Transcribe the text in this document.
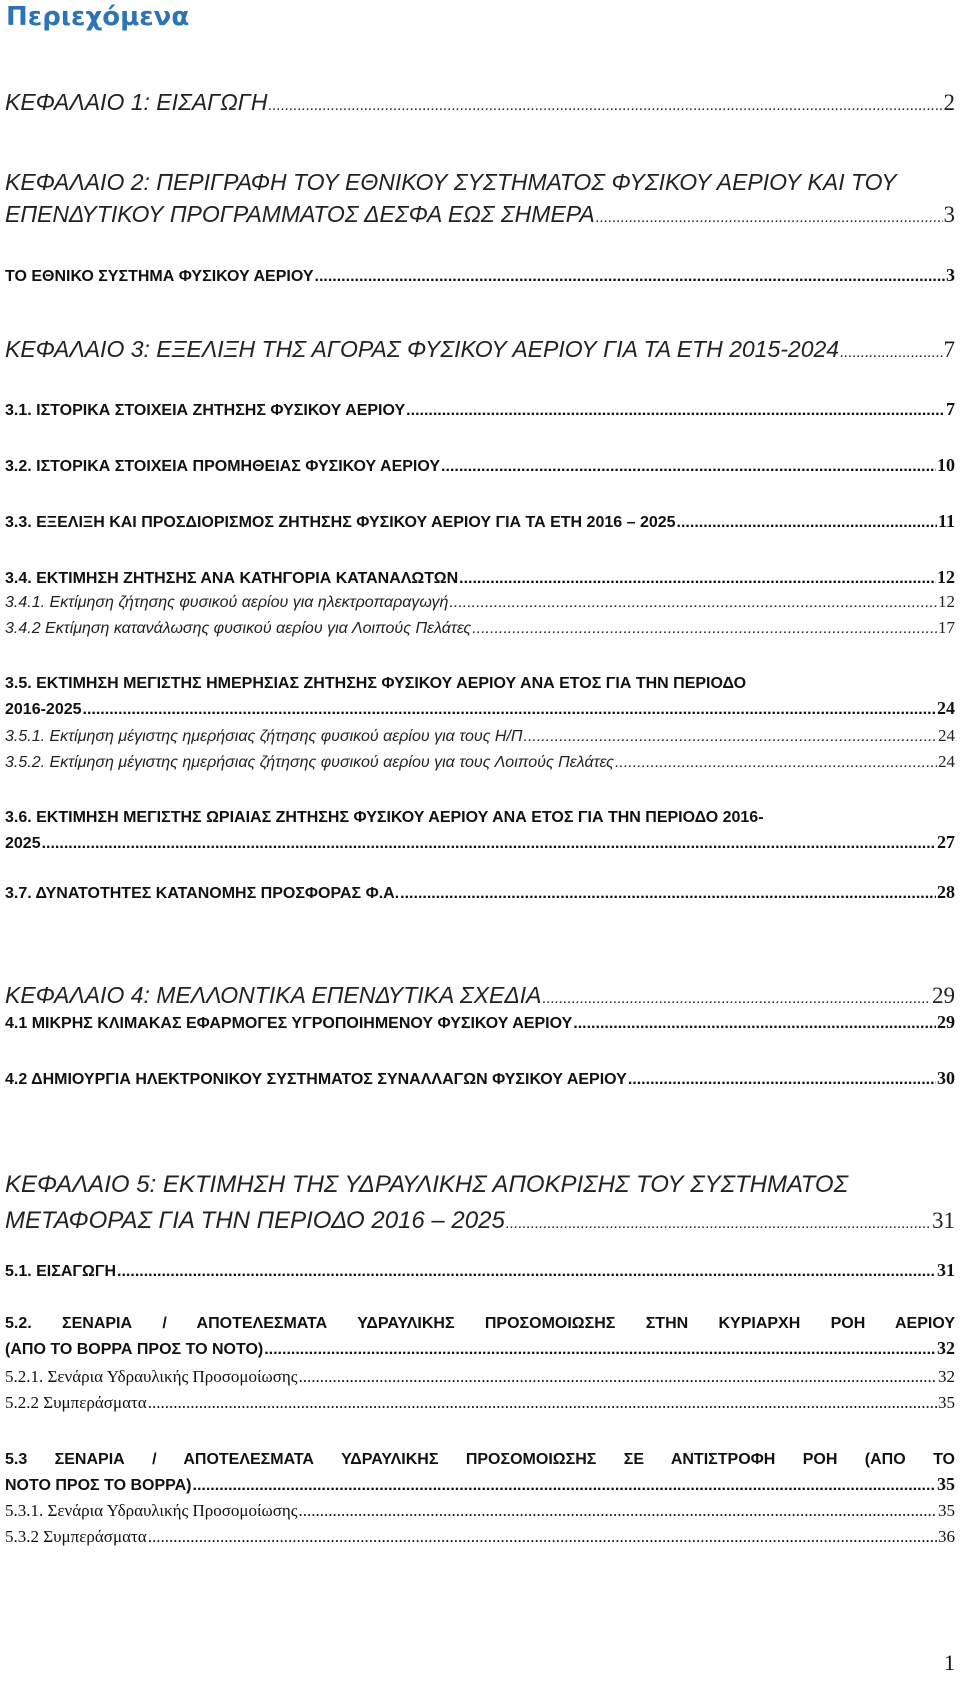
Περιεχόμενα
ΚΕΦΑΛΑΙΟ 1: ΕΙΣΑΓΩΓΗ .....	2
ΚΕΦΑΛΑΙΟ 2: ΠΕΡΙΓΡΑΦΗ ΤΟΥ ΕΘΝΙΚΟΥ ΣΥΣΤΗΜΑΤΟΣ ΦΥΣΙΚΟΥ ΑΕΡΙΟΥ ΚΑΙ ΤΟΥ
ΕΠΕΝΔΥΤΙΚΟΥ ΠΡΟΓΡΑΜΜΑΤΟΣ ΔΕΣΦΑ ΕΩΣ ΣΗΜΕΡΑ .....	3
ΤΟ ΕΘΝΙΚΟ ΣΥΣΤΗΜΑ ΦΥΣΙΚΟΥ ΑΕΡΙΟΥ .....	3
ΚΕΦΑΛΑΙΟ 3: ΕΞΕΛΙΞΗ ΤΗΣ ΑΓΟΡΑΣ ΦΥΣΙΚΟΥ ΑΕΡΙΟΥ ΓΙΑ ΤΑ ΕΤΗ 2015-2024 .....	7
3.1. ΙΣΤΟΡΙΚΑ ΣΤΟΙΧΕΙΑ ΖΗΤΗΣΗΣ ΦΥΣΙΚΟΥ ΑΕΡΙΟΥ .....	7
3.2. ΙΣΤΟΡΙΚΑ ΣΤΟΙΧΕΙΑ ΠΡΟΜΗΘΕΙΑΣ ΦΥΣΙΚΟΥ ΑΕΡΙΟΥ .....	10
3.3. ΕΞΕΛΙΞΗ ΚΑΙ ΠΡΟΣΔΙΟΡΙΣΜΟΣ ΖΗΤΗΣΗΣ ΦΥΣΙΚΟΥ ΑΕΡΙΟΥ ΓΙΑ ΤΑ ΕΤΗ 2016 – 2025 .....	11
3.4. ΕΚΤΙΜΗΣΗ ΖΗΤΗΣΗΣ ΑΝΑ ΚΑΤΗΓΟΡΙΑ ΚΑΤΑΝΑΛΩΤΩΝ .....	12
3.4.1. Εκτίμηση ζήτησης φυσικού αερίου για ηλεκτροπαραγωγή .....	12
3.4.2 Εκτίμηση κατανάλωσης φυσικού αερίου για Λοιπούς Πελάτες .....	17
3.5. ΕΚΤΙΜΗΣΗ ΜΕΓΙΣΤΗΣ ΗΜΕΡΗΣΙΑΣ ΖΗΤΗΣΗΣ ΦΥΣΙΚΟΥ ΑΕΡΙΟΥ ΑΝΑ ΕΤΟΣ ΓΙΑ ΤΗΝ ΠΕΡΙΟΔΟ
2016-2025 .....	24
3.5.1. Εκτίμηση μέγιστης ημερήσιας ζήτησης φυσικού αερίου για τους Η/Π .....	24
3.5.2. Εκτίμηση μέγιστης ημερήσιας ζήτησης φυσικού αερίου για τους Λοιπούς Πελάτες .....	24
3.6. ΕΚΤΙΜΗΣΗ ΜΕΓΙΣΤΗΣ ΩΡΙΑΙΑΣ ΖΗΤΗΣΗΣ ΦΥΣΙΚΟΥ ΑΕΡΙΟΥ ΑΝΑ ΕΤΟΣ ΓΙΑ ΤΗΝ ΠΕΡΙΟΔΟ 2016-
2025 .....	27
3.7. ΔΥΝΑΤΟΤΗΤΕΣ ΚΑΤΑΝΟΜΗΣ ΠΡΟΣΦΟΡΑΣ Φ.Α. .....	28
ΚΕΦΑΛΑΙΟ 4: ΜΕΛΛΟΝΤΙΚΑ ΕΠΕΝΔΥΤΙΚΑ ΣΧΕΔΙΑ .....	29
4.1 ΜΙΚΡΗΣ ΚΛΙΜΑΚΑΣ ΕΦΑΡΜΟΓΕΣ ΥΓΡΟΠΟΙΗΜΕΝΟΥ ΦΥΣΙΚΟΥ ΑΕΡΙΟΥ .....	29
4.2 ΔΗΜΙΟΥΡΓΙΑ ΗΛΕΚΤΡΟΝΙΚΟΥ ΣΥΣΤΗΜΑΤΟΣ ΣΥΝΑΛΛΑΓΩΝ ΦΥΣΙΚΟΥ ΑΕΡΙΟΥ .....	30
ΚΕΦΑΛΑΙΟ 5: ΕΚΤΙΜΗΣΗ ΤΗΣ ΥΔΡΑΥΛΙΚΗΣ ΑΠΟΚΡΙΣΗΣ ΤΟΥ ΣΥΣΤΗΜΑΤΟΣ
ΜΕΤΑΦΟΡΑΣ ΓΙΑ ΤΗΝ ΠΕΡΙΟΔΟ 2016 – 2025 .....	31
5.1. ΕΙΣΑΓΩΓΗ .....	31
5.2. ΣΕΝΑΡΙΑ / ΑΠΟΤΕΛΕΣΜΑΤΑ ΥΔΡΑΥΛΙΚΗΣ ΠΡΟΣΟΜΟΙΩΣΗΣ ΣΤΗΝ ΚΥΡΙΑΡΧΗ ΡΟΗ ΑΕΡΙΟΥ
(ΑΠΟ ΤΟ ΒΟΡΡΑ ΠΡΟΣ ΤΟ ΝΟΤΟ) .....	32
5.2.1. Σενάρια Υδραυλικής Προσομοίωσης .....	32
5.2.2 Συμπεράσματα .....	35
5.3 ΣΕΝΑΡΙΑ / ΑΠΟΤΕΛΕΣΜΑΤΑ ΥΔΡΑΥΛΙΚΗΣ ΠΡΟΣΟΜΟΙΩΣΗΣ ΣΕ ΑΝΤΙΣΤΡΟΦΗ ΡΟΗ (ΑΠΟ ΤΟ
ΝΟΤΟ ΠΡΟΣ ΤΟ ΒΟΡΡΑ) .....	35
5.3.1. Σενάρια Υδραυλικής Προσομοίωσης .....	35
5.3.2 Συμπεράσματα .....	36
1
